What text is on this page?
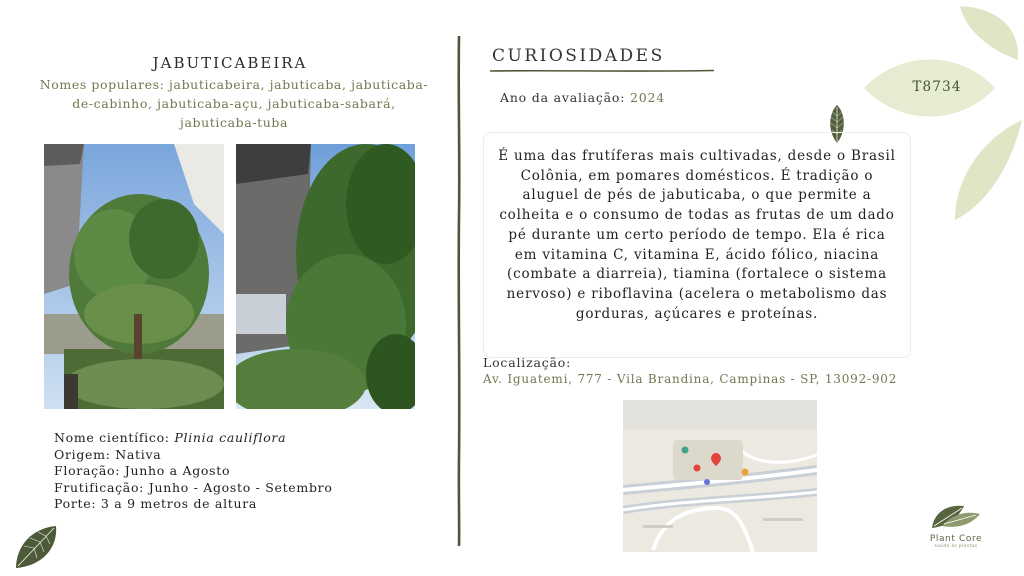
T8734
JABUTICABEIRA
Nomes populares: jabuticabeira, jabuticaba, jabuticaba-de-cabinho, jabuticaba-açu, jabuticaba-sabará, jabuticaba-tuba
Nome científico: Plinia cauliflora
Origem: Nativa
Floração: Junho a Agosto
Frutificação: Junho - Agosto - Setembro
Porte: 3 a 9 metros de altura
CURIOSIDADES
Ano da avaliação: 2024
É uma das frutíferas mais cultivadas, desde o Brasil Colônia, em pomares domésticos. É tradição o aluguel de pés de jabuticaba, o que permite a colheita e o consumo de todas as frutas de um dado pé durante um certo período de tempo. Ela é rica em vitamina C, vitamina E, ácido fólico, niacina (combate a diarreia), tiamina (fortalece o sistema nervoso) e riboflavina (acelera o metabolismo das gorduras, açúcares e proteínas.
Localização:
Av. Iguatemi, 777 - Vila Brandina, Campinas - SP, 13092-902
Plant Core
saúde às plantas
